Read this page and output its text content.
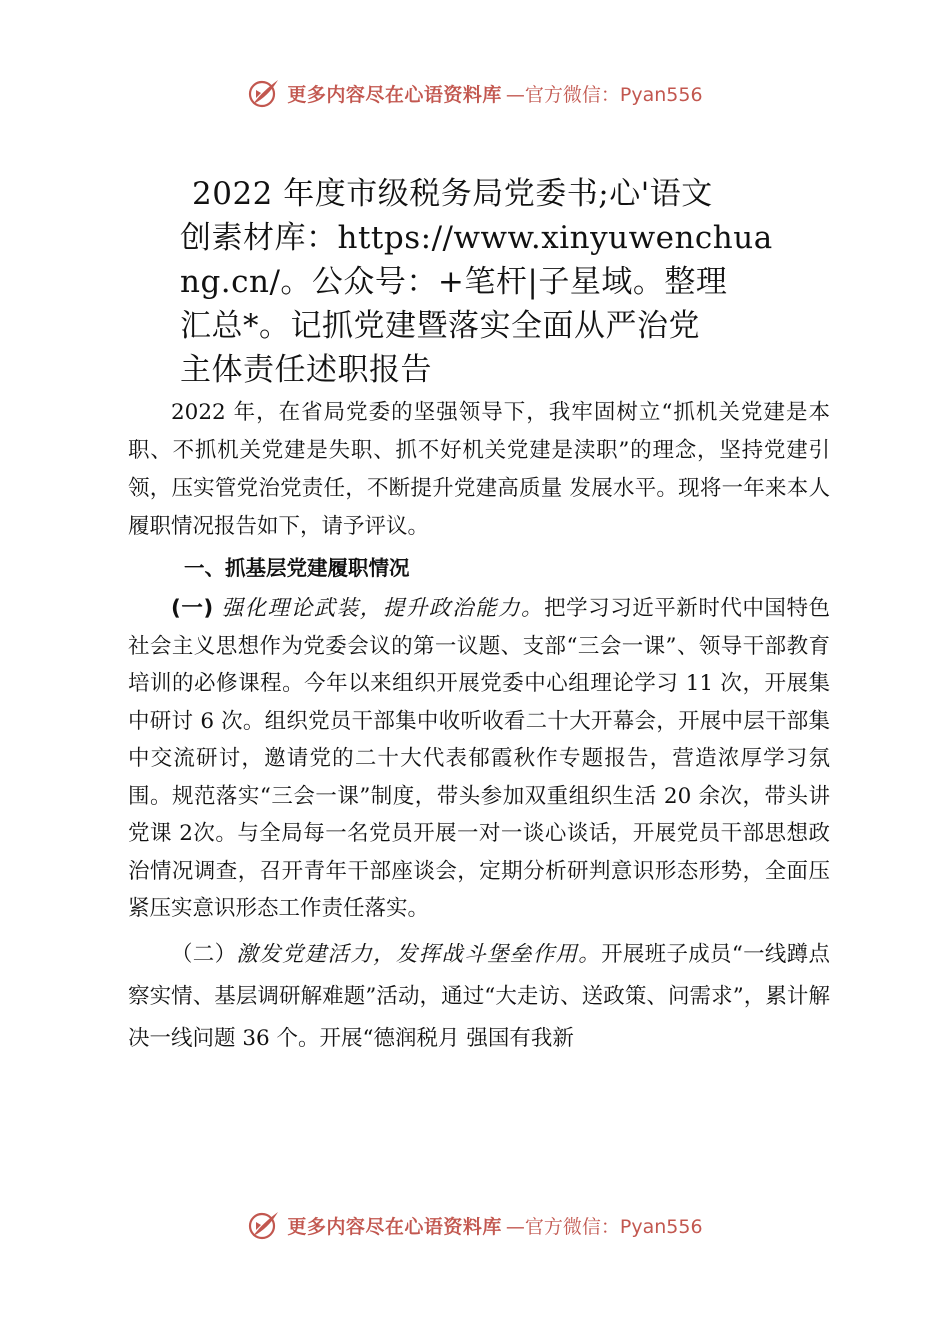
更多内容尽在心语资料库 —官方微信：Pyan556
2022 年度市级税务局党委书;心'语文
创素材库：https://www.xinyuwenchua
ng.cn/。公众号：+笔杆|子星域。整理
汇总*。记抓党建暨落实全面从严治党
主体责任述职报告

2022 年，在省局党委的坚强领导下，我牢固树立“抓机关党建是本职、不抓机关党建是失职、抓不好机关党建是渎职”的理念，坚持党建引领，压实管党治党责任，不断提升党建高质量 发展水平。现将一年来本人履职情况报告如下，请予评议。

一、抓基层党建履职情况

(一) 强化理论武装，提升政治能力。把学习习近平新时代中国特色社会主义思想作为党委会议的第一议题、支部“三会一课”、领导干部教育培训的必修课程。今年以来组织开展党委中心组理论学习 11 次，开展集中研讨 6 次。组织党员干部集中收听收看二十大开幕会，开展中层干部集中交流研讨，邀请党的二十大代表郁霞秋作专题报告，营造浓厚学习氛围。规范落实“三会一课”制度，带头参加双重组织生活 20 余次，带头讲党课 2次。与全局每一名党员开展一对一谈心谈话，开展党员干部思想政治情况调查，召开青年干部座谈会，定期分析研判意识形态形势，全面压紧压实意识形态工作责任落实。

（二）激发党建活力，发挥战斗堡垒作用。开展班子成员“一线蹲点察实情、基层调研解难题”活动，通过“大走访、送政策、问需求”，累计解决一线问题 36 个。开展“德润税月 强国有我新

更多内容尽在心语资料库 —官方微信：Pyan556
